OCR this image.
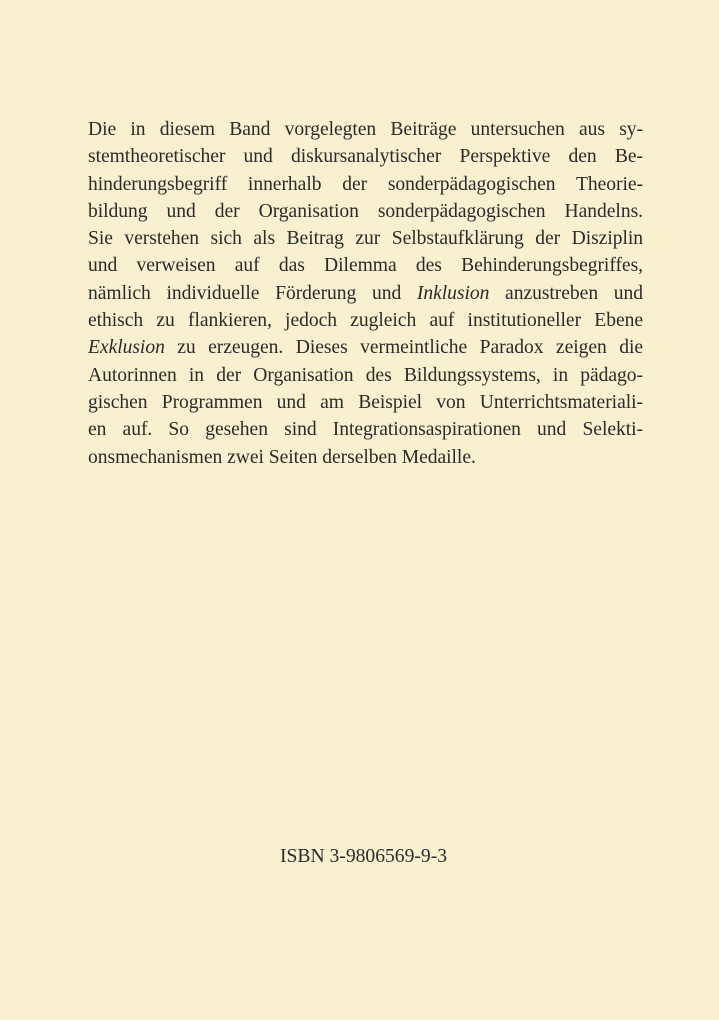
Die in diesem Band vorgelegten Beiträge untersuchen aus sy-
stemtheoretischer und diskursanalytischer Perspektive den Be-
hinderungsbegriff innerhalb der sonderpädagogischen Theorie-
bildung und der Organisation sonderpädagogischen Handelns.
Sie verstehen sich als Beitrag zur Selbstaufklärung der Disziplin
und verweisen auf das Dilemma des Behinderungsbegriffes,
nämlich individuelle Förderung und Inklusion anzustreben und
ethisch zu flankieren, jedoch zugleich auf institutioneller Ebene
Exklusion zu erzeugen. Dieses vermeintliche Paradox zeigen die
Autorinnen in der Organisation des Bildungssystems, in pädago-
gischen Programmen und am Beispiel von Unterrichtsmateriali-
en auf. So gesehen sind Integrationsaspirationen und Selekti-
onsmechanismen zwei Seiten derselben Medaille.
ISBN 3-9806569-9-3
